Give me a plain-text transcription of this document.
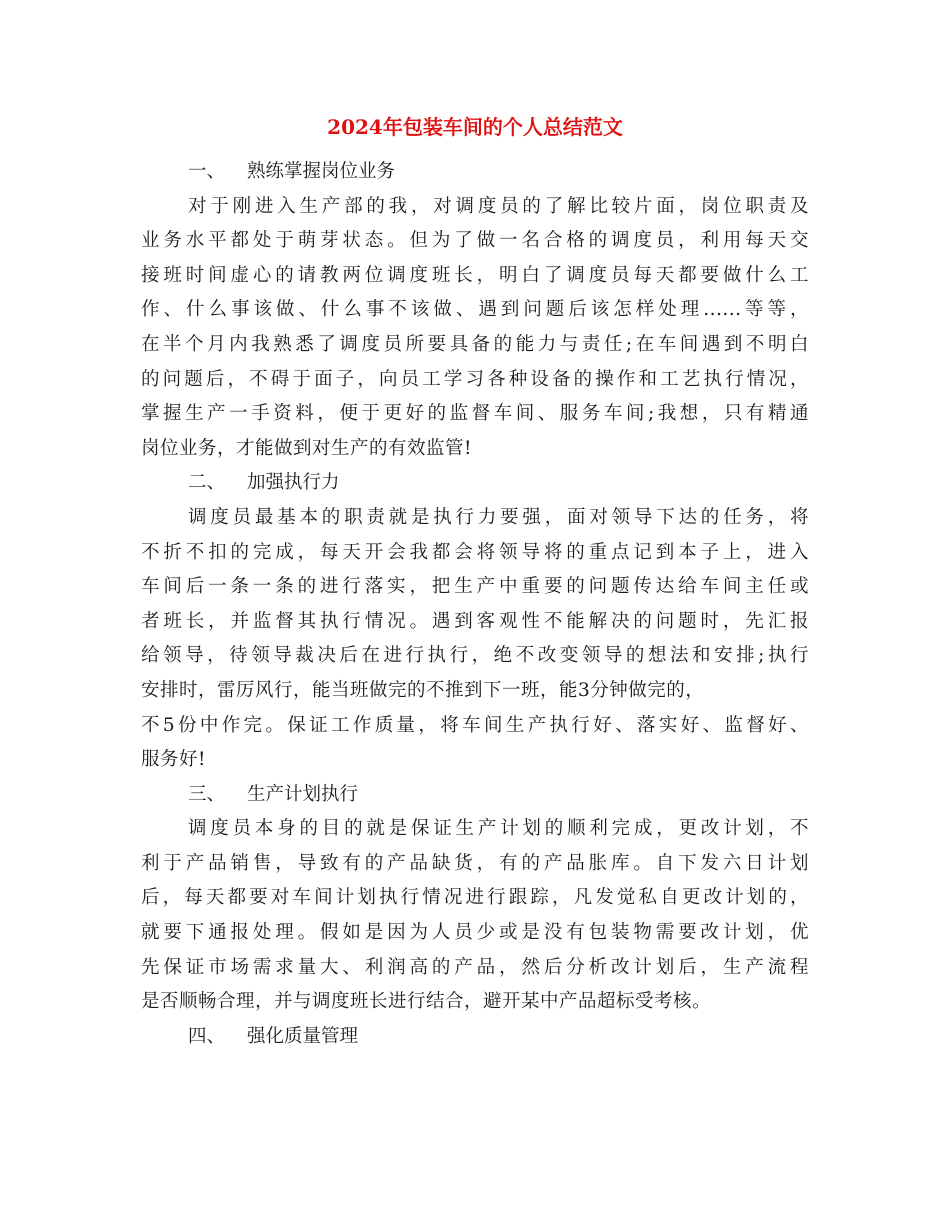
2024年包装车间的个人总结范文
一、 熟练掌握岗位业务
对于刚进入生产部的我，对调度员的了解比较片面，岗位职责及
业务水平都处于萌芽状态。但为了做一名合格的调度员，利用每天交
接班时间虚心的请教两位调度班长，明白了调度员每天都要做什么工
作、什么事该做、什么事不该做、遇到问题后该怎样处理......等等，
在半个月内我熟悉了调度员所要具备的能力与责任;在车间遇到不明白
的问题后，不碍于面子，向员工学习各种设备的操作和工艺执行情况，
掌握生产一手资料，便于更好的监督车间、服务车间;我想，只有精通
岗位业务，才能做到对生产的有效监管!
二、 加强执行力
调度员最基本的职责就是执行力要强，面对领导下达的任务，将
不折不扣的完成，每天开会我都会将领导将的重点记到本子上，进入
车间后一条一条的进行落实，把生产中重要的问题传达给车间主任或
者班长，并监督其执行情况。遇到客观性不能解决的问题时，先汇报
给领导，待领导裁决后在进行执行，绝不改变领导的想法和安排;执行
安排时，雷厉风行，能当班做完的不推到下一班，能3分钟做完的，
不5份中作完。保证工作质量，将车间生产执行好、落实好、监督好、
服务好!
三、 生产计划执行
调度员本身的目的就是保证生产计划的顺利完成，更改计划，不
利于产品销售，导致有的产品缺货，有的产品胀库。自下发六日计划
后，每天都要对车间计划执行情况进行跟踪，凡发觉私自更改计划的，
就要下通报处理。假如是因为人员少或是没有包装物需要改计划，优
先保证市场需求量大、利润高的产品，然后分析改计划后，生产流程
是否顺畅合理，并与调度班长进行结合，避开某中产品超标受考核。
四、 强化质量管理
